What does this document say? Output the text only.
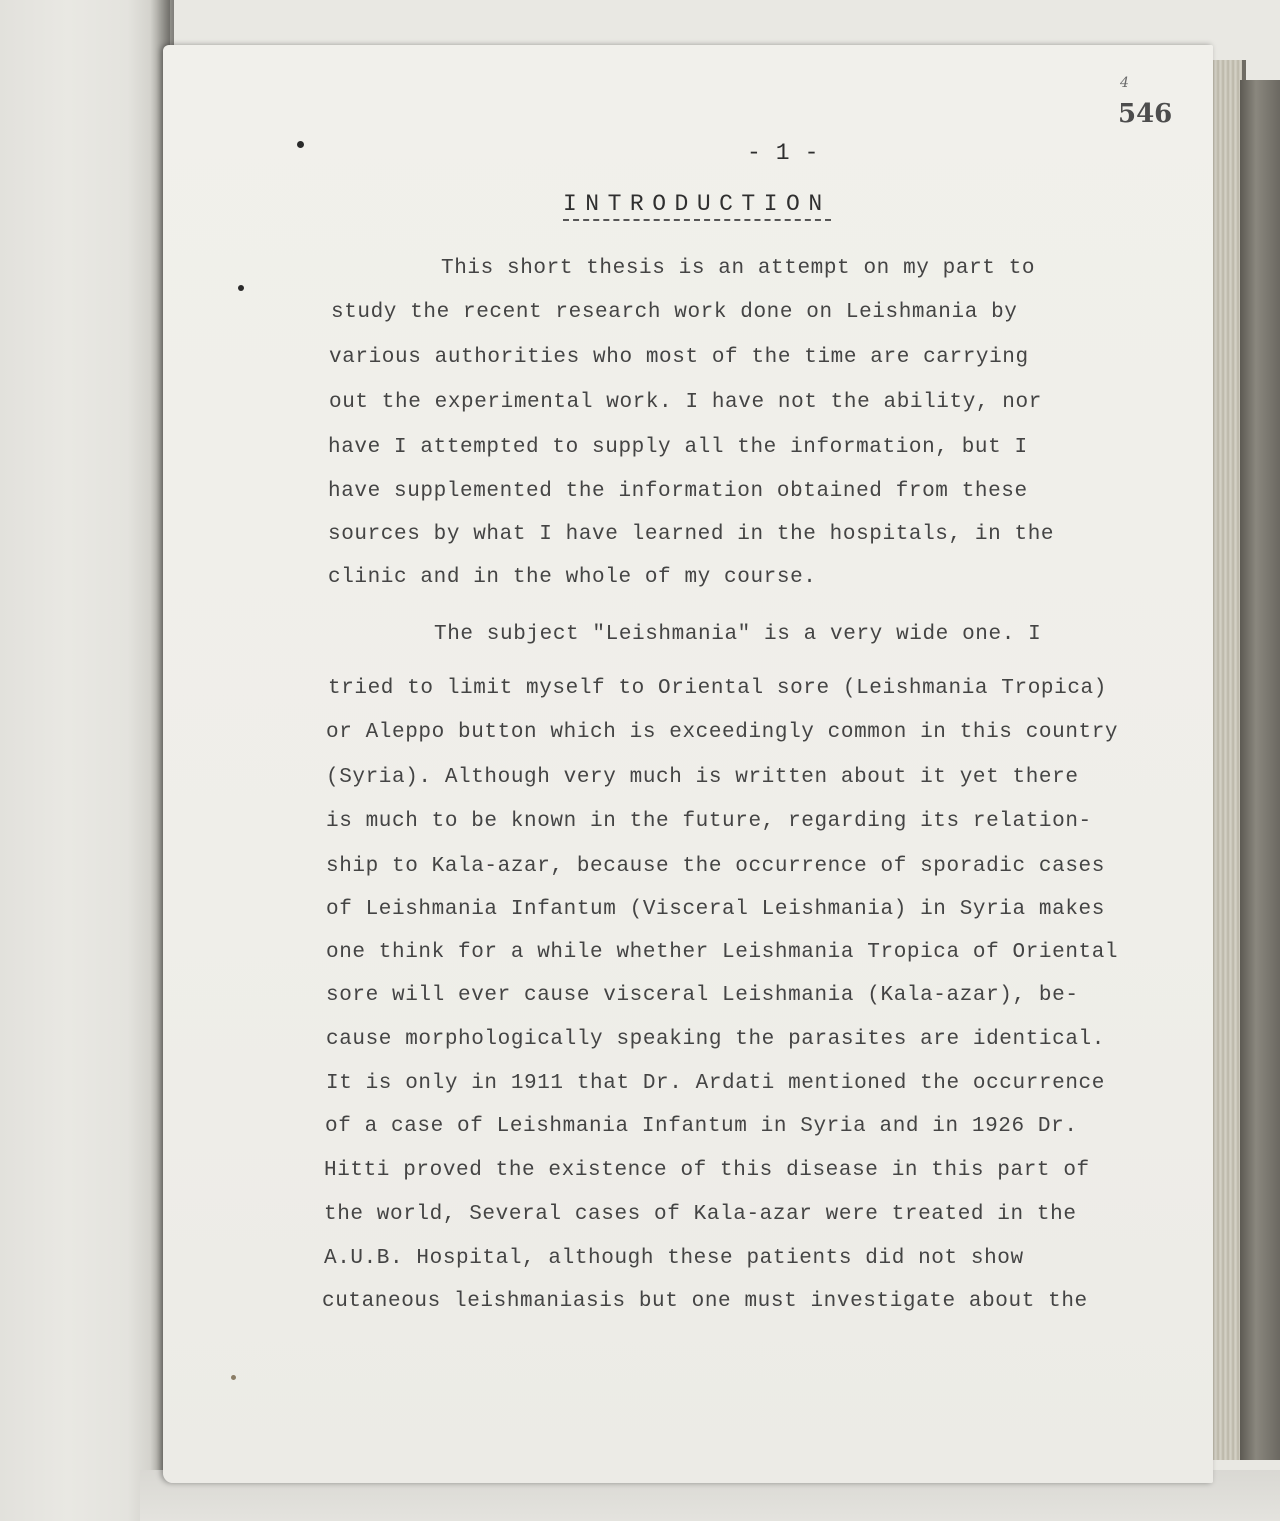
4
546
- 1 -
INTRODUCTION
This short thesis is an attempt on my part to
study the recent research work done on Leishmania by
various authorities who most of the time are carrying
out the experimental work. I have not the ability, nor
have I attempted to supply all the information, but I
have supplemented the information obtained from these
sources by what I have learned in the hospitals, in the
clinic and in the whole of my course.
The subject "Leishmania" is a very wide one. I
tried to limit myself to Oriental sore (Leishmania Tropica)
or Aleppo button which is exceedingly common in this country
(Syria). Although very much is written about it yet there
is much to be known in the future, regarding its relation-
ship to Kala-azar, because the occurrence of sporadic cases
of Leishmania Infantum (Visceral Leishmania) in Syria makes
one think for a while whether Leishmania Tropica of Oriental
sore will ever cause visceral Leishmania (Kala-azar), be-
cause morphologically speaking the parasites are identical.
It is only in 1911 that Dr. Ardati mentioned the occurrence
of a case of Leishmania Infantum in Syria and in 1926 Dr.
Hitti proved the existence of this disease in this part of
the world, Several cases of Kala-azar were treated in the
A.U.B. Hospital, although these patients did not show
cutaneous leishmaniasis but one must investigate about the
